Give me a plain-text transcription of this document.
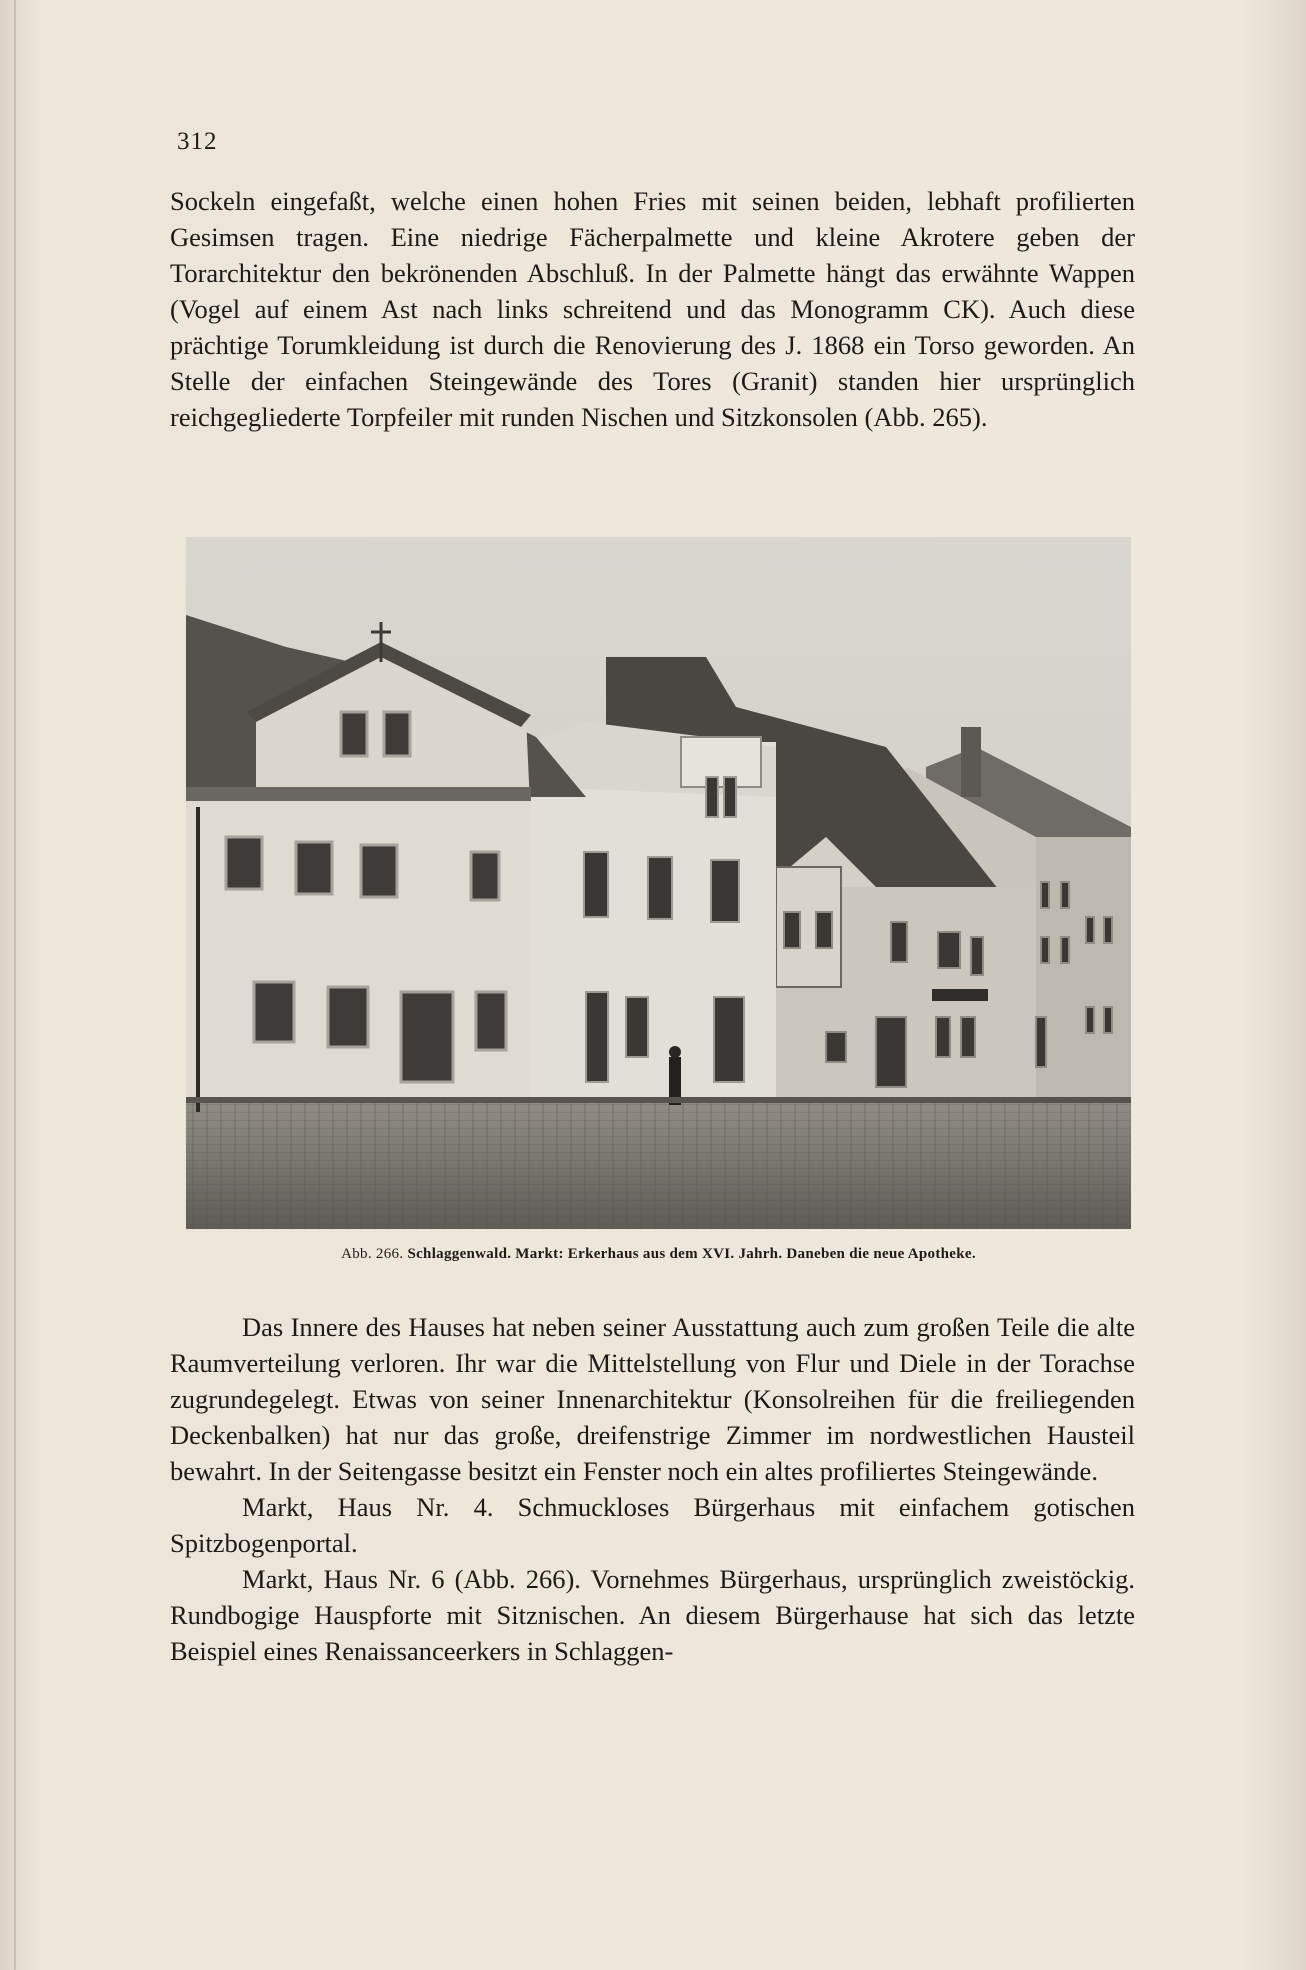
312

Sockeln eingefaßt, welche einen hohen Fries mit seinen beiden, lebhaft profilierten Gesimsen tragen. Eine niedrige Fächerpalmette und kleine Akrotere geben der Torarchitektur den bekrönenden Abschluß. In der Palmette hängt das erwähnte Wappen (Vogel auf einem Ast nach links schreitend und das Monogramm CK). Auch diese prächtige Torumkleidung ist durch die Renovierung des J. 1868 ein Torso geworden. An Stelle der einfachen Steingewände des Tores (Granit) standen hier ursprünglich reichgegliederte Torpfeiler mit runden Nischen und Sitzkonsolen (Abb. 265).

Abb. 266. Schlaggenwald. Markt: Erkerhaus aus dem XVI. Jahrh. Daneben die neue Apotheke.

Das Innere des Hauses hat neben seiner Ausstattung auch zum großen Teile die alte Raumverteilung verloren. Ihr war die Mittelstellung von Flur und Diele in der Torachse zugrundegelegt. Etwas von seiner Innenarchitektur (Konsolreihen für die freiliegenden Deckenbalken) hat nur das große, dreifenstrige Zimmer im nordwestlichen Hausteil bewahrt. In der Seitengasse besitzt ein Fenster noch ein altes profiliertes Steingewände.

Markt, Haus Nr. 4. Schmuckloses Bürgerhaus mit einfachem gotischen Spitzbogenportal.

Markt, Haus Nr. 6 (Abb. 266). Vornehmes Bürgerhaus, ursprünglich zweistöckig. Rundbogige Hauspforte mit Sitznischen. An diesem Bürgerhause hat sich das letzte Beispiel eines Renaissanceerkers in Schlaggen-
